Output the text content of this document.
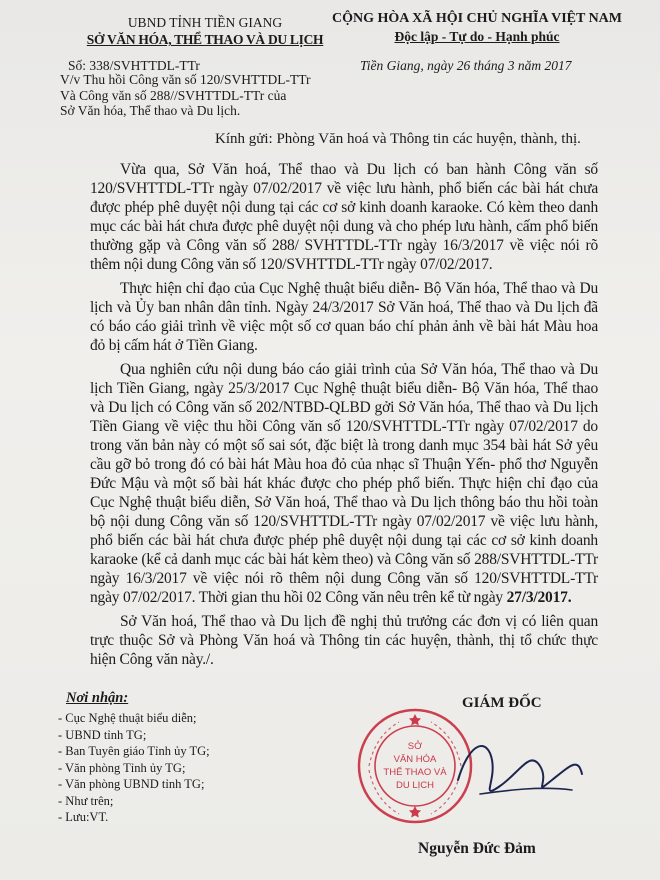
UBND TỈNH TIỀN GIANG
SỞ VĂN HÓA, THỂ THAO VÀ DU LỊCH
CỘNG HÒA XÃ HỘI CHỦ NGHĨA VIỆT NAM
Độc lập - Tự do - Hạnh phúc
Số: 338/SVHTTDL-TTr	Tiền Giang, ngày 26 tháng 3 năm 2017
V/v Thu hồi Công văn số 120/SVHTTDL-TTr
Và Công văn số 288//SVHTTDL-TTr của
Sở Văn hóa, Thể thao và Du lịch.
Kính gửi: Phòng Văn hoá và Thông tin các huyện, thành, thị.

Vừa qua, Sở Văn hoá, Thể thao và Du lịch có ban hành Công văn số 120/SVHTTDL-TTr ngày 07/02/2017 về việc lưu hành, phổ biến các bài hát chưa được phép phê duyệt nội dung tại các cơ sở kinh doanh karaoke. Có kèm theo danh mục các bài hát chưa được phê duyệt nội dung và cho phép lưu hành, cấm phổ biến thường gặp và Công văn số 288/ SVHTTDL-TTr ngày 16/3/2017 về việc nói rõ thêm nội dung Công văn số 120/SVHTTDL-TTr ngày 07/02/2017.

Thực hiện chỉ đạo của Cục Nghệ thuật biểu diễn- Bộ Văn hóa, Thể thao và Du lịch và Ủy ban nhân dân tỉnh. Ngày 24/3/2017 Sở Văn hoá, Thể thao và Du lịch đã có báo cáo giải trình về việc một số cơ quan báo chí phản ảnh về bài hát Màu hoa đỏ bị cấm hát ở Tiền Giang.

Qua nghiên cứu nội dung báo cáo giải trình của Sở Văn hóa, Thể thao và Du lịch Tiền Giang, ngày 25/3/2017 Cục Nghệ thuật biểu diễn- Bộ Văn hóa, Thể thao và Du lịch có Công văn số 202/NTBD-QLBD gởi Sở Văn hóa, Thể thao và Du lịch Tiền Giang về việc thu hồi Công văn số 120/SVHTTDL-TTr ngày 07/02/2017 do trong văn bản này có một số sai sót, đặc biệt là trong danh mục 354 bài hát Sở yêu cầu gỡ bỏ trong đó có bài hát Màu hoa đỏ của nhạc sĩ Thuận Yến- phổ thơ Nguyễn Đức Mậu và một số bài hát khác được cho phép phổ biến. Thực hiện chỉ đạo của Cục Nghệ thuật biểu diễn, Sở Văn hoá, Thể thao và Du lịch thông báo thu hồi toàn bộ nội dung Công văn số 120/SVHTTDL-TTr ngày 07/02/2017 về việc lưu hành, phổ biến các bài hát chưa được phép phê duyệt nội dung tại các cơ sở kinh doanh karaoke (kể cả danh mục các bài hát kèm theo) và Công văn số 288/SVHTTDL-TTr ngày 16/3/2017 về việc nói rõ thêm nội dung Công văn số 120/SVHTTDL-TTr ngày 07/02/2017. Thời gian thu hồi 02 Công văn nêu trên kể từ ngày 27/3/2017.

Sở Văn hoá, Thể thao và Du lịch đề nghị thủ trưởng các đơn vị có liên quan trực thuộc Sở và Phòng Văn hoá và Thông tin các huyện, thành, thị tổ chức thực hiện Công văn này./.

Nơi nhận:
- Cục Nghệ thuật biểu diễn;
- UBND tỉnh TG;
- Ban Tuyên giáo Tỉnh ủy TG;
- Văn phòng Tỉnh ủy TG;
- Văn phòng UBND tỉnh TG;
- Như trên;
- Lưu:VT.
GIÁM ĐỐC
SỞ
VĂN HÓA
THỂ THAO VÀ
DU LỊCH
Nguyễn Đức Đảm
